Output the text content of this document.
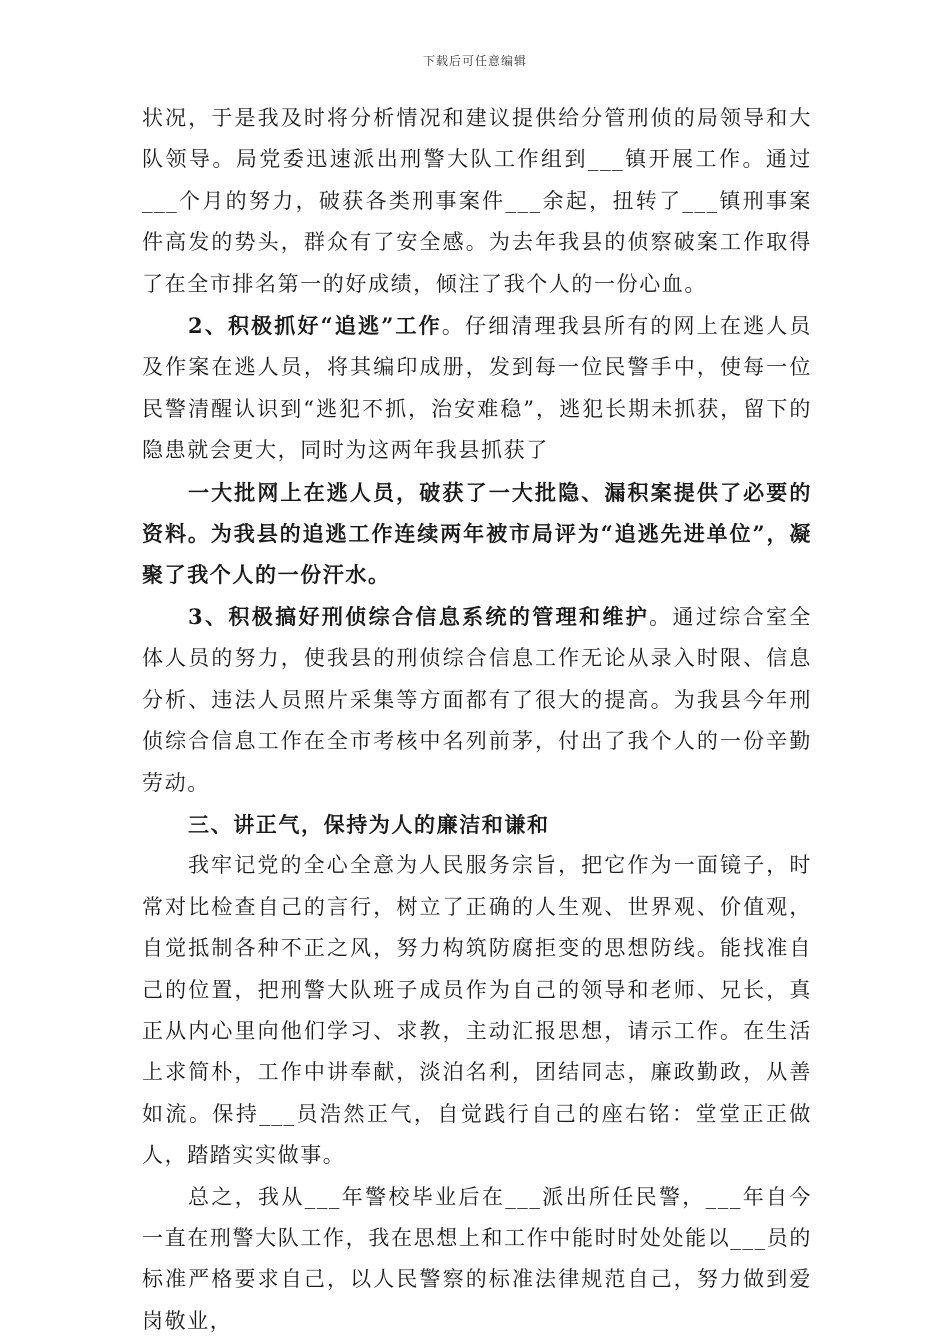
下载后可任意编辑

状况，于是我及时将分析情况和建议提供给分管刑侦的局领导和大队领导。局党委迅速派出刑警大队工作组到___镇开展工作。通过___个月的努力，破获各类刑事案件___余起，扭转了___镇刑事案件高发的势头，群众有了安全感。为去年我县的侦察破案工作取得了在全市排名第一的好成绩，倾注了我个人的一份心血。

2、积极抓好“追逃”工作。仔细清理我县所有的网上在逃人员及作案在逃人员，将其编印成册，发到每一位民警手中，使每一位民警清醒认识到“逃犯不抓，治安难稳”，逃犯长期未抓获，留下的隐患就会更大，同时为这两年我县抓获了

一大批网上在逃人员，破获了一大批隐、漏积案提供了必要的资料。为我县的追逃工作连续两年被市局评为“追逃先进单位”，凝聚了我个人的一份汗水。

3、积极搞好刑侦综合信息系统的管理和维护。通过综合室全体人员的努力，使我县的刑侦综合信息工作无论从录入时限、信息分析、违法人员照片采集等方面都有了很大的提高。为我县今年刑侦综合信息工作在全市考核中名列前茅，付出了我个人的一份辛勤劳动。

三、讲正气，保持为人的廉洁和谦和

我牢记党的全心全意为人民服务宗旨，把它作为一面镜子，时常对比检查自己的言行，树立了正确的人生观、世界观、价值观，自觉抵制各种不正之风，努力构筑防腐拒变的思想防线。能找准自己的位置，把刑警大队班子成员作为自己的领导和老师、兄长，真正从内心里向他们学习、求教，主动汇报思想，请示工作。在生活上求简朴，工作中讲奉献，淡泊名利，团结同志，廉政勤政，从善如流。保持___员浩然正气，自觉践行自己的座右铭：堂堂正正做人，踏踏实实做事。

总之，我从___年警校毕业后在___派出所任民警，___年自今一直在刑警大队工作，我在思想上和工作中能时时处处能以___员的标准严格要求自己，以人民警察的标准法律规范自己，努力做到爱岗敬业，
